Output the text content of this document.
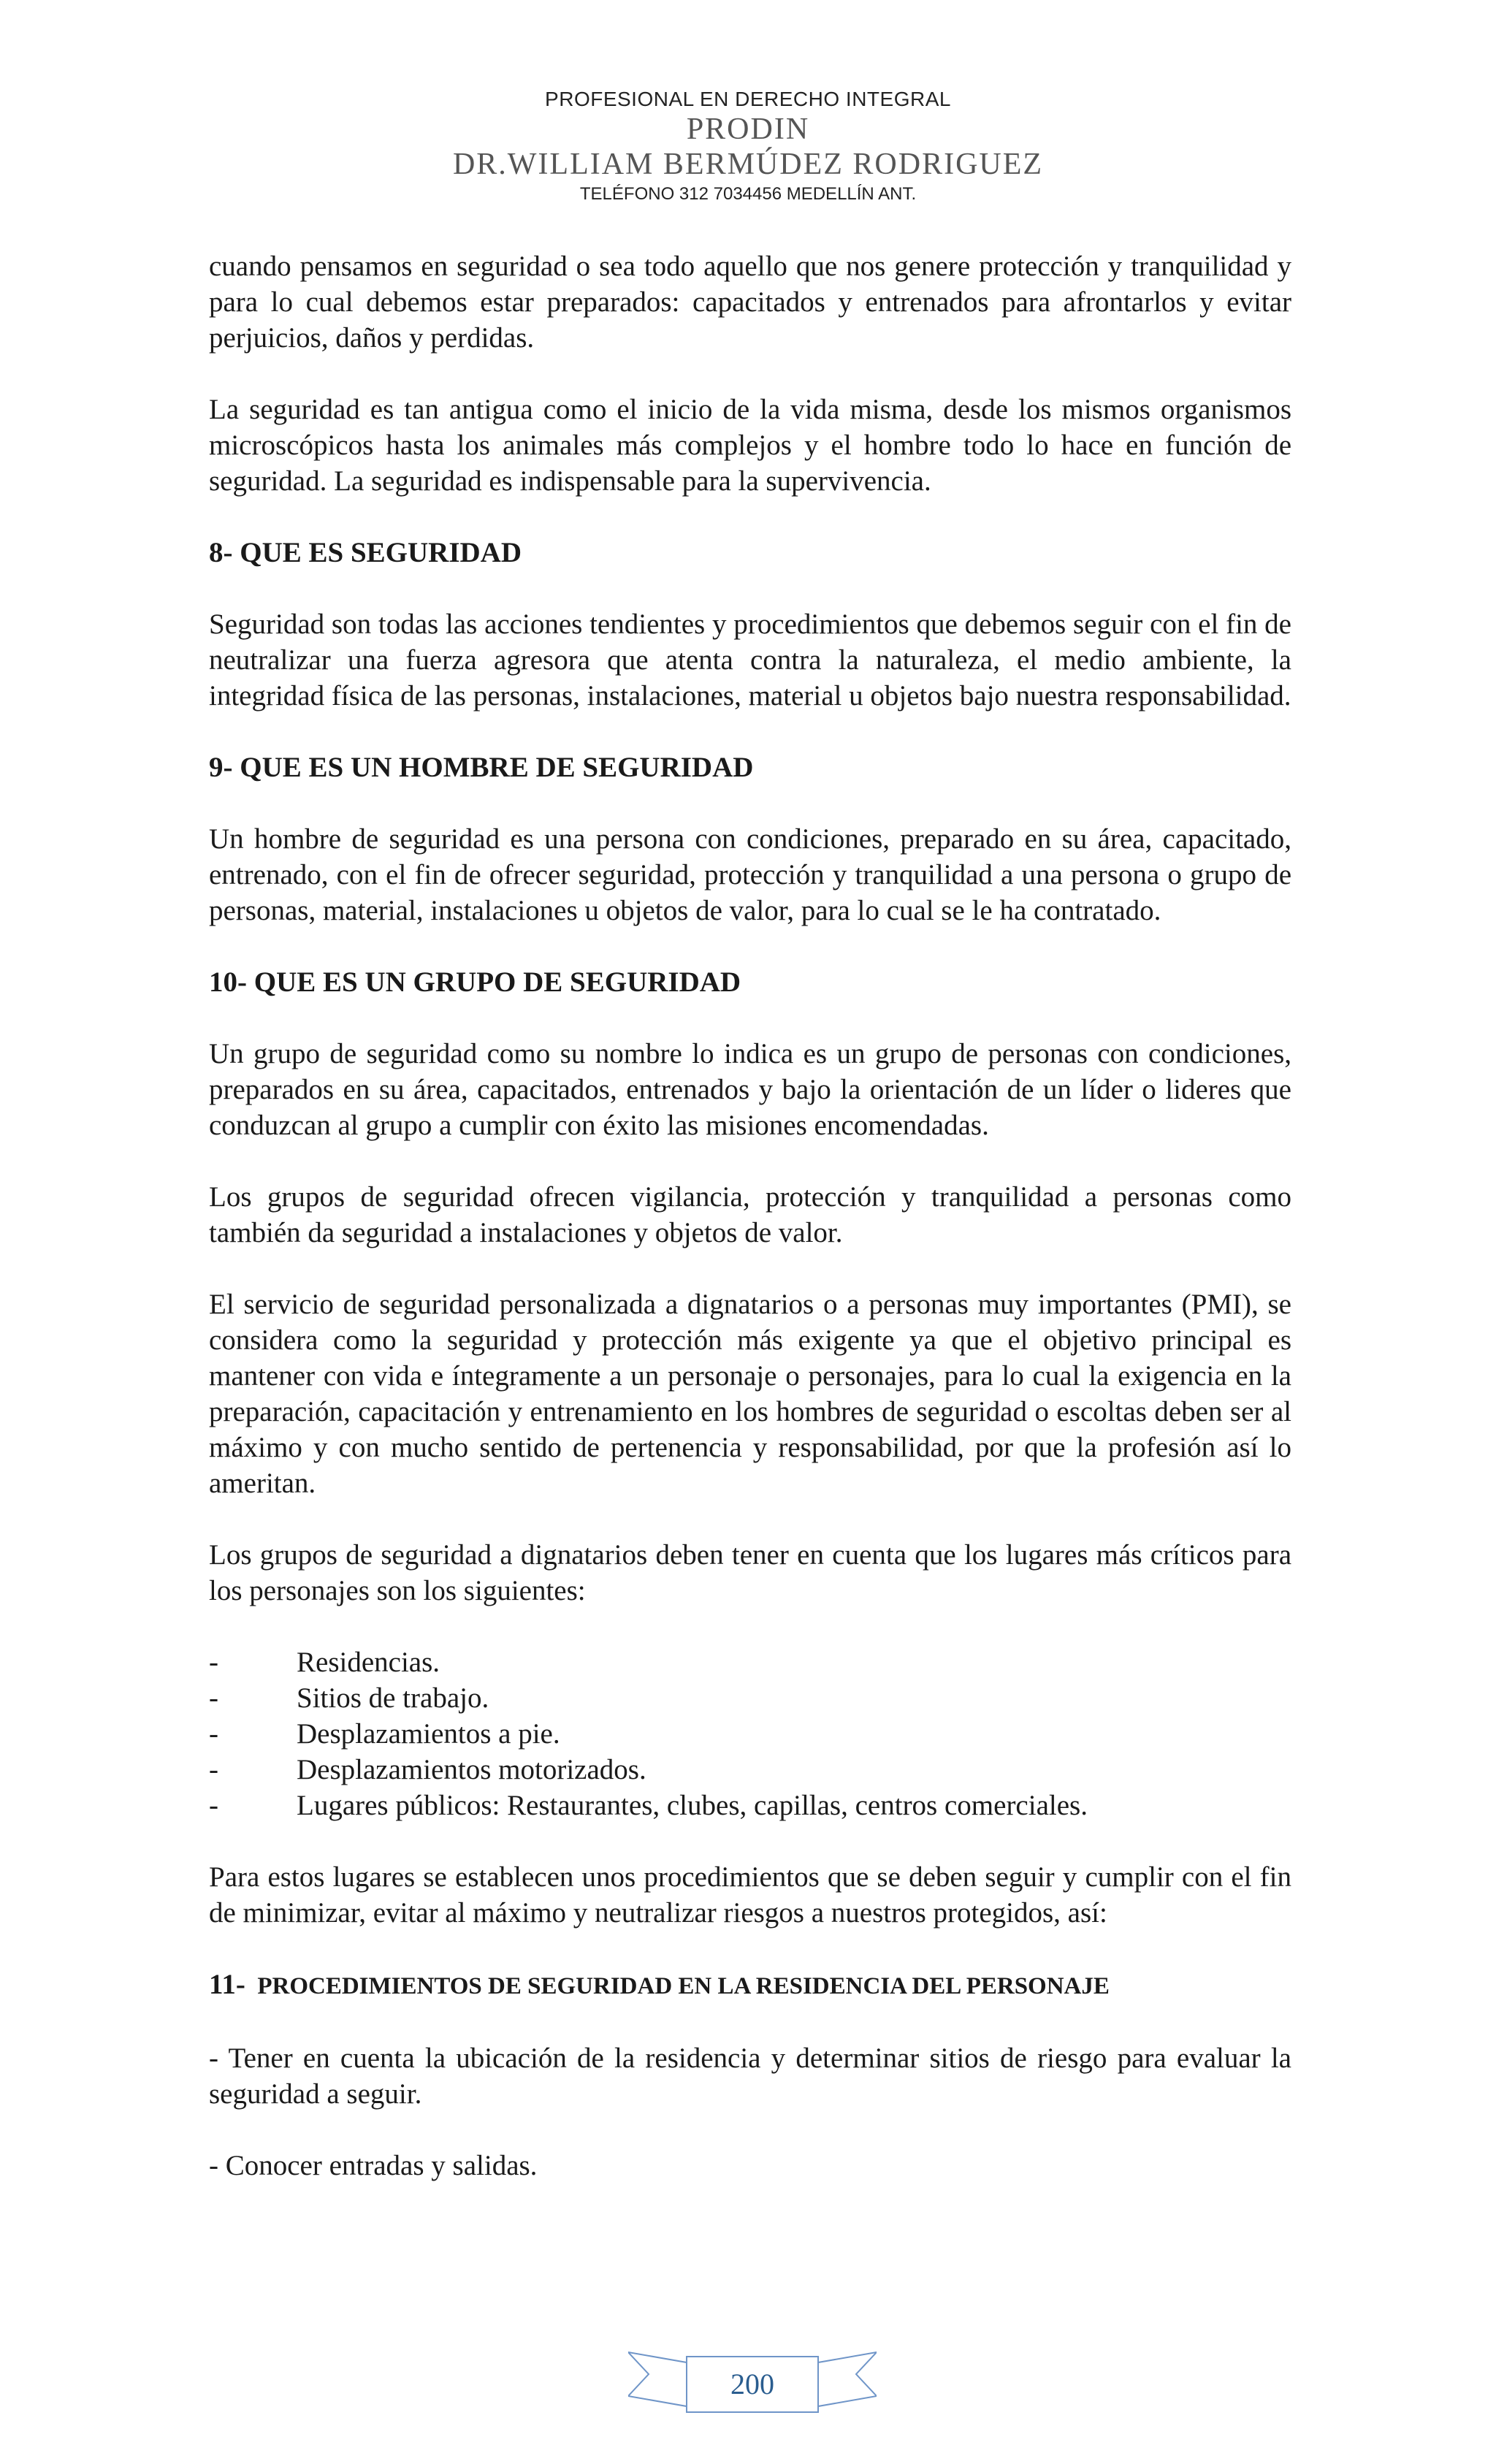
PROFESIONAL EN DERECHO INTEGRAL
PRODIN
DR.WILLIAM BERMÚDEZ RODRIGUEZ
TELÉFONO 312 7034456 MEDELLÍN ANT.

cuando pensamos en seguridad o sea todo aquello que nos genere protección y tranquilidad y para lo cual debemos estar preparados: capacitados y entrenados para afrontarlos y evitar perjuicios, daños y perdidas.

La seguridad es tan antigua como el inicio de la vida misma, desde los mismos organismos microscópicos hasta los animales más complejos y el hombre todo lo hace en función de seguridad. La seguridad es indispensable para la supervivencia.

8- QUE ES SEGURIDAD

Seguridad son todas las acciones tendientes y procedimientos que debemos seguir con el fin de neutralizar una fuerza agresora que atenta contra la naturaleza, el medio ambiente, la integridad física de las personas, instalaciones, material u objetos bajo nuestra responsabilidad.

9- QUE ES UN HOMBRE DE SEGURIDAD

Un hombre de seguridad es una persona con condiciones, preparado en su área, capacitado, entrenado, con el fin de ofrecer seguridad, protección y tranquilidad a una persona o grupo de personas, material, instalaciones u objetos de valor, para lo cual se le ha contratado.

10- QUE ES UN GRUPO DE SEGURIDAD

Un grupo de seguridad como su nombre lo indica es un grupo de personas con condiciones, preparados en su área, capacitados, entrenados y bajo la orientación de un líder o lideres que conduzcan al grupo a cumplir con éxito las misiones encomendadas.

Los grupos de seguridad ofrecen vigilancia, protección y tranquilidad a personas como también da seguridad a instalaciones y objetos de valor.

El servicio de seguridad personalizada a dignatarios o a personas muy importantes (PMI), se considera como la seguridad y protección más exigente ya que el objetivo principal es mantener con vida e íntegramente a un personaje o personajes, para lo cual la exigencia en la preparación, capacitación y entrenamiento en los hombres de seguridad o escoltas deben ser al máximo y con mucho sentido de pertenencia y responsabilidad, por que la profesión así lo ameritan.

Los grupos de seguridad a dignatarios deben tener en cuenta que los lugares más críticos para los personajes son los siguientes:

-	Residencias.
-	Sitios de trabajo.
-	Desplazamientos a pie.
-	Desplazamientos motorizados.
-	Lugares públicos: Restaurantes, clubes, capillas, centros comerciales.

Para estos lugares se establecen unos procedimientos que se deben seguir y cumplir con el fin de minimizar, evitar al máximo y neutralizar riesgos a nuestros protegidos, así:

11- PROCEDIMIENTOS DE SEGURIDAD EN LA RESIDENCIA DEL PERSONAJE

- Tener en cuenta la ubicación de la residencia y determinar sitios de riesgo para evaluar la seguridad a seguir.

- Conocer entradas y salidas.

200
